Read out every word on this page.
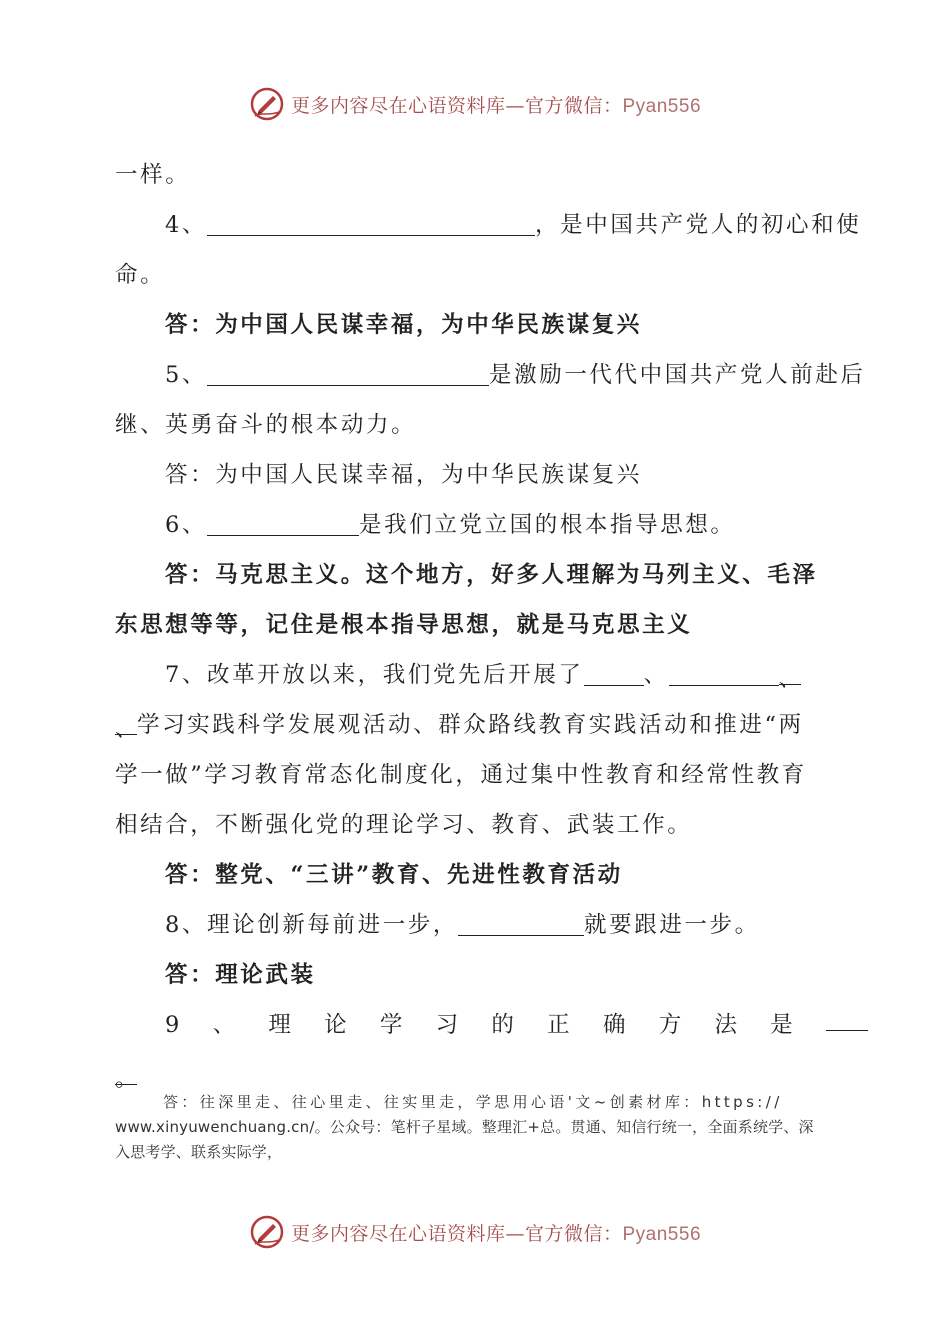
更多内容尽在心语资料库—官方微信：Pyan556
一样。
4、	，是中国共产党人的初心和使
命。
答：为中国人民谋幸福，为中华民族谋复兴
5、	是激励一代代中国共产党人前赴后
继、英勇奋斗的根本动力。
答：为中国人民谋幸福，为中华民族谋复兴
6、	是我们立党立国的根本指导思想。
答：马克思主义。这个地方，好多人理解为马列主义、毛泽
东思想等等，记住是根本指导思想，就是马克思主义
7、改革开放以来，我们党先后开展了	、	、
、学习实践科学发展观活动、群众路线教育实践活动和推进“两
学一做”学习教育常态化制度化，通过集中性教育和经常性教育
相结合，不断强化党的理论学习、教育、武装工作。
答：整党、“三讲”教育、先进性教育活动
8、理论创新每前进一步，	就要跟进一步。
答：理论武装
9 、 理 论 学 习 的 正 确 方 法 是
。
答：往深里走、往心里走、往实里走，学思用心语'文~创素材库：https://
www.xinyuwenchuang.cn/。公众号：笔杆子星域。整理汇+总。贯通、知信行统一，全面系统学、深
入思考学、联系实际学，
更多内容尽在心语资料库—官方微信：Pyan556
